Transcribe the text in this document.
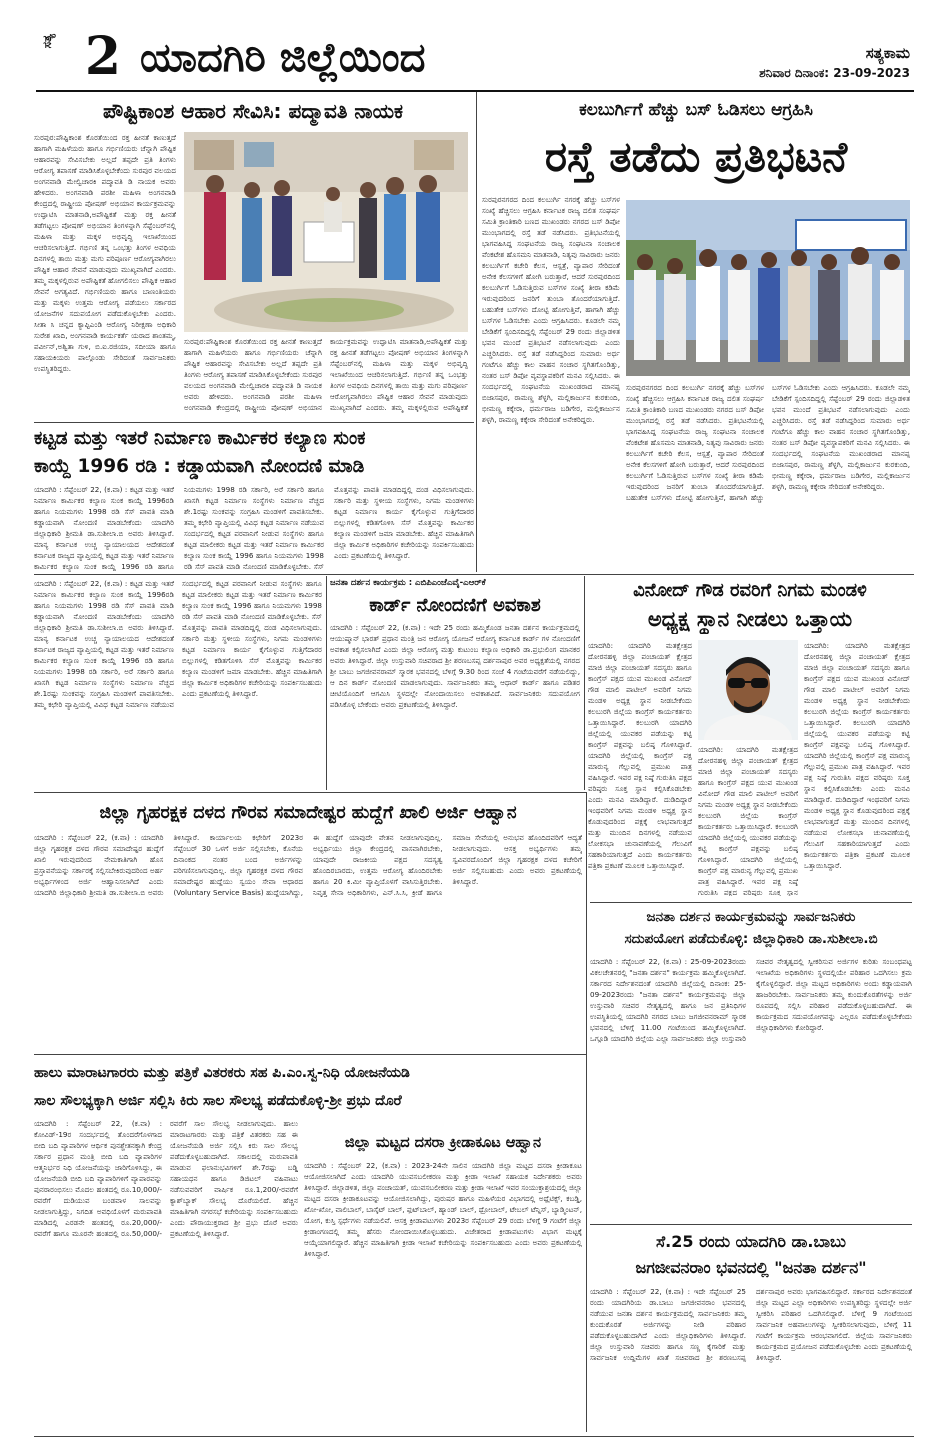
ಸತ್ಯ 2 ಯಾದಗಿರಿ ಜಿಲ್ಲೆಯಿಂದ	ಸತ್ಯಕಾಮ
ಶನಿವಾರ ದಿನಾಂಕ: 23-09-2023
ಪೌಷ್ಟಿಕಾಂಶ ಆಹಾರ ಸೇವಿಸಿ: ಪದ್ಮಾವತಿ ನಾಯಕ
ಸುರಪುರ:ಪೌಷ್ಟಿಕಾಂಶ ಕೊರತೆಯಿಂದ ರಕ್ತ ಹೀನತೆ ಕಾಣುತ್ತದೆ ಹಾಗಾಗಿ ಮಹಿಳೆಯರು ಹಾಗೂ ಗರ್ಭಿಣಿಯರು ಚೆನ್ನಾಗಿ ಪೌಷ್ಟಿಕ ಆಹಾರವನ್ನು ಸೇವಿಸಬೇಕು ಅಲ್ಲದೆ ತಪ್ಪದೇ ಪ್ರತಿ ತಿಂಗಳು ಆರೋಗ್ಯ ತಪಾಸಣೆ ಮಾಡಿಸಿಕೊಳ್ಳಬೇಕೆಂದು ಸುರಪುರ ವಲಯದ ಅಂಗನವಾಡಿ ಮೇಲ್ವಿಚಾರಕಿ ಪದ್ಮಾವತಿ ಡಿ ನಾಯಕ ಅವರು ಹೇಳಿದರು. ಅಂಗನವಾಡಿ ಪರಶೀ ಮಹಿಳಾ ಅಂಗನವಾಡಿ ಕೇಂದ್ರದಲ್ಲಿ ರಾಷ್ಟ್ರೀಯ ಪೋಷಣ್ ಅಭಿಯಾನ ಕಾರ್ಯಕ್ರಮವನ್ನು ಉದ್ಘಾಟಿಸಿ ಮಾತನಾಡಿ,ಅಪೌಷ್ಟಿಕತೆ ಮತ್ತು ರಕ್ತ ಹೀನತೆ ತಡೆಗಟ್ಟಲು ಪೋಷಣ್ ಅಭಿಯಾನ ತಿಂಗಳನ್ನಾಗಿ ಸೆಪ್ಟೆಂಬರ್‌ನಲ್ಲಿ ಮಹಿಳಾ ಮತ್ತು ಮಕ್ಕಳ ಅಭಿವೃದ್ಧಿ ಇಲಾಖೆಯಿಂದ ಆಚರಿಸಲಾಗುತ್ತಿದೆ. ಗರ್ಭಿಣಿ ತನ್ನ ಒಂಭತ್ತು ತಿಂಗಳ ಅವಧಿಯ ದಿನಗಳಲ್ಲಿ ತಾಯಿ ಮತ್ತು ಮಗು ಪರಿಪೂರ್ಣ ಆರೋಗ್ಯವಾಗಿರಲು ಪೌಷ್ಟಿಕ ಆಹಾರ ಸೇವನೆ ಮಾಡುವುದು ಮುಖ್ಯವಾಗಿದೆ ಎಂದರು. ತಮ್ಮ ಮಕ್ಕಳಲ್ಲಿರುವ ಅಪೌಷ್ಟಿಕತೆ ಹೋಗಲಿಸಲು ಪೌಷ್ಟಿಕ ಆಹಾರ ಸೇವನೆ ಅಗತ್ಯವಿದೆ. ಗರ್ಭಿಣಿಯರು ಹಾಗೂ ಬಾಣಂತಿಯರು ಮತ್ತು ಮಕ್ಕಳು ಉತ್ತಮ ಆರೋಗ್ಯ ಪಡೆಯಲು ಸರ್ಕಾರದ ಯೋಜನೆಗಳ ಸದುಪಯೋಗ ಪಡೆದುಕೊಳ್ಳಬೇಕು ಎಂದರು. ಸೀತಾ ಸಿ ಚನ್ನದ ಕ್ಯಾಪ್ಟಿಎಂಡಿ ಆರೋಗ್ಯ ನಿರೀಕ್ಷಣಾ ಅಧಿಕಾರಿ ಸುರೇಶ ಖಾದಿ, ಅಂಗನವಾಡಿ ಕಾರ್ಯಕರ್ತೆ ಯರಾದ ಶಾಂತಮ್ಮ, ಪರ್ವೀನ್,ಅಶ್ವಿತಾ ಗುಳಿ, ಬಿ.ಐ.ರಜಿಯಾ, ಸದೀಯಾ ಹಾಗೂ ಸಹಾಯಕಿಯರು ಪಾಲ್ಗೊಂಡು ಸೇರಿದಂತೆ ಸಾರ್ವಜನಿಕರು ಉಪಸ್ಥಿತರಿದ್ದರು.
ಸುರಪುರ:ಪೌಷ್ಟಿಕಾಂಶ ಕೊರತೆಯಿಂದ ರಕ್ತ ಹೀನತೆ ಕಾಣುತ್ತದೆ ಹಾಗಾಗಿ ಮಹಿಳೆಯರು ಹಾಗೂ ಗರ್ಭಿಣಿಯರು ಚೆನ್ನಾಗಿ ಪೌಷ್ಟಿಕ ಆಹಾರವನ್ನು ಸೇವಿಸಬೇಕು ಅಲ್ಲದೆ ತಪ್ಪದೇ ಪ್ರತಿ ತಿಂಗಳು ಆರೋಗ್ಯ ತಪಾಸಣೆ ಮಾಡಿಸಿಕೊಳ್ಳಬೇಕೆಂದು ಸುರಪುರ ವಲಯದ ಅಂಗನವಾಡಿ ಮೇಲ್ವಿಚಾರಕಿ ಪದ್ಮಾವತಿ ಡಿ ನಾಯಕ ಅವರು ಹೇಳಿದರು. ಅಂಗನವಾಡಿ ಪರಶೀ ಮಹಿಳಾ ಅಂಗನವಾಡಿ ಕೇಂದ್ರದಲ್ಲಿ ರಾಷ್ಟ್ರೀಯ ಪೋಷಣ್ ಅಭಿಯಾನ ಕಾರ್ಯಕ್ರಮವನ್ನು ಉದ್ಘಾಟಿಸಿ ಮಾತನಾಡಿ,ಅಪೌಷ್ಟಿಕತೆ ಮತ್ತು ರಕ್ತ ಹೀನತೆ ತಡೆಗಟ್ಟಲು ಪೋಷಣ್ ಅಭಿಯಾನ ತಿಂಗಳನ್ನಾಗಿ ಸೆಪ್ಟೆಂಬರ್‌ನಲ್ಲಿ ಮಹಿಳಾ ಮತ್ತು ಮಕ್ಕಳ ಅಭಿವೃದ್ಧಿ ಇಲಾಖೆಯಿಂದ ಆಚರಿಸಲಾಗುತ್ತಿದೆ. ಗರ್ಭಿಣಿ ತನ್ನ ಒಂಭತ್ತು ತಿಂಗಳ ಅವಧಿಯ ದಿನಗಳಲ್ಲಿ ತಾಯಿ ಮತ್ತು ಮಗು ಪರಿಪೂರ್ಣ ಆರೋಗ್ಯವಾಗಿರಲು ಪೌಷ್ಟಿಕ ಆಹಾರ ಸೇವನೆ ಮಾಡುವುದು ಮುಖ್ಯವಾಗಿದೆ ಎಂದರು. ತಮ್ಮ ಮಕ್ಕಳಲ್ಲಿರುವ ಅಪೌಷ್ಟಿಕತೆ
ಕಲಬುರ್ಗಿಗೆ ಹೆಚ್ಚು ಬಸ್ ಓಡಿಸಲು ಆಗ್ರಹಿಸಿ
ರಸ್ತೆ ತಡೆದು ಪ್ರತಿಭಟನೆ
ಸುರಪುರನಗರದ ದಿಂದ ಕಲಬುರ್ಗಿ ನಗರಕ್ಕೆ ಹೆಚ್ಚು ಬಸ್‌ಗಳ ಸಂಖ್ಯೆ ಹೆಚ್ಚಿಸಲು ಆಗ್ರಹಿಸಿ ಕರ್ನಾಟಕ ರಾಜ್ಯ ದಲಿತ ಸಂಘರ್ಷ ಸಮಿತಿ ಕ್ರಾಂತಿಕಾರಿ ಬಣದ ಮುಖಂಡರು ನಗರದ ಬಸ್ ಡಿಪೋ ಮುಂಭಾಗದಲ್ಲಿ ರಸ್ತೆ ತಡೆ ನಡೆಸಿದರು. ಪ್ರತಿಭಟನೆಯಲ್ಲಿ ಭಾಗವಹಿಸಿದ್ದ ಸಂಘಟನೆಯ ರಾಜ್ಯ ಸಂಘಟನಾ ಸಂಚಾಲಕ ವೆಂಕಟೇಶ ಹೊಸಮನಿ ಮಾತನಾಡಿ, ನಿತ್ಯವು ಸಾವಿರಾರು ಜನರು ಕಲಬುರ್ಗಿಗೆ ಕಚೇರಿ ಕೆಲಸ, ಆಸ್ಪತ್ರೆ, ವ್ಯಾಪಾರ ಸೇರಿದಂತೆ ಅನೇಕ ಕೆಲಸಗಳಿಗೆ ಹೋಗಿ ಬರುತ್ತಾರೆ, ಆದರೆ ಸುರಪುರದಿಂದ ಕಲಬುರ್ಗಿಗೆ ಓಡಿಸುತ್ತಿರುವ ಬಸ್‌ಗಳ ಸಂಖ್ಯೆ ತೀರಾ ಕಡಿಮೆ ಇರುವುದರಿಂದ ಜನರಿಗೆ ತುಂಬಾ ತೊಂದರೆಯಾಗುತ್ತಿದೆ. ಬಹುತೇಕ ಬಸ್‌ಗಳು ದೋಟ್ಟಿ ಹೋಗುತ್ತಿವೆ, ಹಾಗಾಗಿ ಹೆಚ್ಚು ಬಸ್‌ಗಳ ಓಡಿಸಬೇಕು ಎಂದು ಆಗ್ರಹಿಸಿದರು. ಕೂಡಲೇ ನಮ್ಮ ಬೇಡಿಕೆಗೆ ಸ್ಪಂದಿಸದಿದ್ದಲ್ಲಿ ಸೆಪ್ಟೆಂಬರ್ 29 ರಂದು ಜಿಲ್ಲಾಡಳಿತ ಭವನ ಮುಂದೆ ಪ್ರತಿಭಟನೆ ನಡೆಸಲಾಗುವುದು ಎಂದು ಎಚ್ಚರಿಸಿದರು. ರಸ್ತೆ ತಡೆ ನಡೆಸಿದ್ದರಿಂದ ಸುಮಾರು ಅರ್ಧ ಗಂಟೆಗೂ ಹೆಚ್ಚು ಕಾಲ ವಾಹನ ಸಂಚಾರ ಸ್ಥಗಿತಗೊಂಡಿತ್ತು, ನಂತರ ಬಸ್ ಡಿಪೋ ವ್ಯವಸ್ಥಾಪಕರಿಗೆ ಮನವಿ ಸಲ್ಲಿಸಿದರು. ಈ ಸಂದರ್ಭದಲ್ಲಿ ಸಂಘಟನೆಯ ಮುಖಂಡರಾದ ಮಾನಪ್ಪ ಬಿಜಾಸಪುರ, ರಾಮಣ್ಣ ಶೆಳ್ಳಗಿ, ಮಲ್ಲಿಕಾರ್ಜುನ ಕುರಕುಂದಿ, ಭೀಮಣ್ಣ ಕಕ್ಕೇರಾ, ಧರ್ಮರಾಜ ಬಡಿಗೇರ, ಮಲ್ಲಿಕಾರ್ಜುನ ಶಳ್ಳಗಿ, ರಾಮಣ್ಣ ಕಕ್ಕೇರಾ ಸೇರಿದಂತೆ ಅನೇಕರಿದ್ದರು.
ಸುರಪುರನಗರದ ದಿಂದ ಕಲಬುರ್ಗಿ ನಗರಕ್ಕೆ ಹೆಚ್ಚು ಬಸ್‌ಗಳ ಸಂಖ್ಯೆ ಹೆಚ್ಚಿಸಲು ಆಗ್ರಹಿಸಿ ಕರ್ನಾಟಕ ರಾಜ್ಯ ದಲಿತ ಸಂಘರ್ಷ ಸಮಿತಿ ಕ್ರಾಂತಿಕಾರಿ ಬಣದ ಮುಖಂಡರು ನಗರದ ಬಸ್ ಡಿಪೋ ಮುಂಭಾಗದಲ್ಲಿ ರಸ್ತೆ ತಡೆ ನಡೆಸಿದರು. ಪ್ರತಿಭಟನೆಯಲ್ಲಿ ಭಾಗವಹಿಸಿದ್ದ ಸಂಘಟನೆಯ ರಾಜ್ಯ ಸಂಘಟನಾ ಸಂಚಾಲಕ ವೆಂಕಟೇಶ ಹೊಸಮನಿ ಮಾತನಾಡಿ, ನಿತ್ಯವು ಸಾವಿರಾರು ಜನರು ಕಲಬುರ್ಗಿಗೆ ಕಚೇರಿ ಕೆಲಸ, ಆಸ್ಪತ್ರೆ, ವ್ಯಾಪಾರ ಸೇರಿದಂತೆ ಅನೇಕ ಕೆಲಸಗಳಿಗೆ ಹೋಗಿ ಬರುತ್ತಾರೆ, ಆದರೆ ಸುರಪುರದಿಂದ ಕಲಬುರ್ಗಿಗೆ ಓಡಿಸುತ್ತಿರುವ ಬಸ್‌ಗಳ ಸಂಖ್ಯೆ ತೀರಾ ಕಡಿಮೆ ಇರುವುದರಿಂದ ಜನರಿಗೆ ತುಂಬಾ ತೊಂದರೆಯಾಗುತ್ತಿದೆ. ಬಹುತೇಕ ಬಸ್‌ಗಳು ದೋಟ್ಟಿ ಹೋಗುತ್ತಿವೆ, ಹಾಗಾಗಿ ಹೆಚ್ಚು ಬಸ್‌ಗಳ ಓಡಿಸಬೇಕು ಎಂದು ಆಗ್ರಹಿಸಿದರು. ಕೂಡಲೇ ನಮ್ಮ ಬೇಡಿಕೆಗೆ ಸ್ಪಂದಿಸದಿದ್ದಲ್ಲಿ ಸೆಪ್ಟೆಂಬರ್ 29 ರಂದು ಜಿಲ್ಲಾಡಳಿತ ಭವನ ಮುಂದೆ ಪ್ರತಿಭಟನೆ ನಡೆಸಲಾಗುವುದು ಎಂದು ಎಚ್ಚರಿಸಿದರು. ರಸ್ತೆ ತಡೆ ನಡೆಸಿದ್ದರಿಂದ ಸುಮಾರು ಅರ್ಧ ಗಂಟೆಗೂ ಹೆಚ್ಚು ಕಾಲ ವಾಹನ ಸಂಚಾರ ಸ್ಥಗಿತಗೊಂಡಿತ್ತು, ನಂತರ ಬಸ್ ಡಿಪೋ ವ್ಯವಸ್ಥಾಪಕರಿಗೆ ಮನವಿ ಸಲ್ಲಿಸಿದರು. ಈ ಸಂದರ್ಭದಲ್ಲಿ ಸಂಘಟನೆಯ ಮುಖಂಡರಾದ ಮಾನಪ್ಪ ಬಿಜಾಸಪುರ, ರಾಮಣ್ಣ ಶೆಳ್ಳಗಿ, ಮಲ್ಲಿಕಾರ್ಜುನ ಕುರಕುಂದಿ, ಭೀಮಣ್ಣ ಕಕ್ಕೇರಾ, ಧರ್ಮರಾಜ ಬಡಿಗೇರ, ಮಲ್ಲಿಕಾರ್ಜುನ ಶಳ್ಳಗಿ, ರಾಮಣ್ಣ ಕಕ್ಕೇರಾ ಸೇರಿದಂತೆ ಅನೇಕರಿದ್ದರು.
ಕಟ್ಟಡ ಮತ್ತು ಇತರೆ ನಿರ್ಮಾಣ ಕಾರ್ಮಿಕರ ಕಲ್ಯಾಣ ಸುಂಕ
ಕಾಯ್ದೆ 1996 ರಡಿ : ಕಡ್ಡಾಯವಾಗಿ ನೋಂದಣಿ ಮಾಡಿ
ಯಾದಗಿರಿ : ಸೆಪ್ಟೆಂಬರ್ 22, (ಕ.ವಾ) : ಕಟ್ಟಡ ಮತ್ತು ಇತರೆ ನಿರ್ಮಾಣ ಕಾರ್ಮಿಕರ ಕಲ್ಯಾಣ ಸುಂಕ ಕಾಯ್ದೆ 1996ರಡಿ ಹಾಗೂ ನಿಯಮಗಳು 1998 ರಡಿ ಸೆಸ್ ಪಾವತಿ ಮಾಡಿ ಕಡ್ಡಾಯವಾಗಿ ನೋಂದಣಿ ಮಾಡಬೇಕೆಂದು ಯಾದಗಿರಿ ಜಿಲ್ಲಾಧಿಕಾರಿ ಶ್ರೀಮತಿ ಡಾ.ಸುಶೀಲಾ.ಬಿ ಅವರು ತಿಳಿಸಿದ್ದಾರೆ. ಮಾನ್ಯ ಕರ್ನಾಟಕ ಉಚ್ಚ ನ್ಯಾಯಾಲಯದ ಆದೇಶದಂತೆ ಕರ್ನಾಟಕ ರಾಜ್ಯದ ವ್ಯಾಪ್ತಿಯಲ್ಲಿ ಕಟ್ಟಡ ಮತ್ತು ಇತರೆ ನಿರ್ಮಾಣ ಕಾರ್ಮಿಕರ ಕಲ್ಯಾಣ ಸುಂಕ ಕಾಯ್ದೆ 1996 ರಡಿ ಹಾಗೂ ನಿಯಮಗಳು 1998 ರಡಿ ಸರ್ಕಾರಿ, ಅರೆ ಸರ್ಕಾರಿ ಹಾಗೂ ಖಾಸಗಿ ಕಟ್ಟಡ ನಿರ್ಮಾಣ ಸಂಸ್ಥೆಗಳು ನಿರ್ಮಾಣ ವೆಚ್ಚದ ಶೇ.1ರಷ್ಟು ಸುಂಕವನ್ನು ಸಂಗ್ರಹಿಸಿ ಮಂಡಳಿಗೆ ಪಾವತಿಸಬೇಕು. ತಮ್ಮ ಕಛೇರಿ ವ್ಯಾಪ್ತಿಯಲ್ಲಿ ವಿವಿಧ ಕಟ್ಟಡ ನಿರ್ಮಾಣ ನಡೆಯುವ ಸಂದರ್ಭದಲ್ಲಿ ಕಟ್ಟಡ ಪರವಾನಿಗೆ ನೀಡುವ ಸಂಸ್ಥೆಗಳು ಹಾಗೂ ಕಟ್ಟಡ ಮಾಲೀಕರು ಕಟ್ಟಡ ಮತ್ತು ಇತರೆ ನಿರ್ಮಾಣ ಕಾರ್ಮಿಕರ ಕಲ್ಯಾಣ ಸುಂಕ ಕಾಯ್ದೆ 1996 ಹಾಗೂ ನಿಯಮಗಳು 1998 ರಡಿ ಸೆಸ್ ಪಾವತಿ ಮಾಡಿ ನೋಂದಣಿ ಮಾಡಿಕೊಳ್ಳಬೇಕು. ಸೆಸ್ ಮೊತ್ತವನ್ನು ಪಾವತಿ ಮಾಡದಿದ್ದಲ್ಲಿ ದಂಡ ವಿಧಿಸಲಾಗುವುದು. ಸರ್ಕಾರಿ ಮತ್ತು ಸ್ಥಳೀಯ ಸಂಸ್ಥೆಗಳು, ನಿಗಮ ಮಂಡಳಿಗಳು ಕಟ್ಟಡ ನಿರ್ಮಾಣ ಕಾರ್ಯ ಕೈಗೊಳ್ಳುವ ಗುತ್ತಿಗೆದಾರರ ಬಿಲ್ಲುಗಳಲ್ಲಿ ಕಡಿತಗೊಳಿಸಿ ಸೆಸ್ ಮೊತ್ತವನ್ನು ಕಾರ್ಮಿಕರ ಕಲ್ಯಾಣ ಮಂಡಳಿಗೆ ಜಮಾ ಮಾಡಬೇಕು. ಹೆಚ್ಚಿನ ಮಾಹಿತಿಗಾಗಿ ಜಿಲ್ಲಾ ಕಾರ್ಮಿಕ ಅಧಿಕಾರಿಗಳ ಕಚೇರಿಯನ್ನು ಸಂಪರ್ಕಿಸಬಹುದು ಎಂದು ಪ್ರಕಟಣೆಯಲ್ಲಿ ತಿಳಿಸಿದ್ದಾರೆ.
ಯಾದಗಿರಿ : ಸೆಪ್ಟೆಂಬರ್ 22, (ಕ.ವಾ) : ಕಟ್ಟಡ ಮತ್ತು ಇತರೆ ನಿರ್ಮಾಣ ಕಾರ್ಮಿಕರ ಕಲ್ಯಾಣ ಸುಂಕ ಕಾಯ್ದೆ 1996ರಡಿ ಹಾಗೂ ನಿಯಮಗಳು 1998 ರಡಿ ಸೆಸ್ ಪಾವತಿ ಮಾಡಿ ಕಡ್ಡಾಯವಾಗಿ ನೋಂದಣಿ ಮಾಡಬೇಕೆಂದು ಯಾದಗಿರಿ ಜಿಲ್ಲಾಧಿಕಾರಿ ಶ್ರೀಮತಿ ಡಾ.ಸುಶೀಲಾ.ಬಿ ಅವರು ತಿಳಿಸಿದ್ದಾರೆ. ಮಾನ್ಯ ಕರ್ನಾಟಕ ಉಚ್ಚ ನ್ಯಾಯಾಲಯದ ಆದೇಶದಂತೆ ಕರ್ನಾಟಕ ರಾಜ್ಯದ ವ್ಯಾಪ್ತಿಯಲ್ಲಿ ಕಟ್ಟಡ ಮತ್ತು ಇತರೆ ನಿರ್ಮಾಣ ಕಾರ್ಮಿಕರ ಕಲ್ಯಾಣ ಸುಂಕ ಕಾಯ್ದೆ 1996 ರಡಿ ಹಾಗೂ ನಿಯಮಗಳು 1998 ರಡಿ ಸರ್ಕಾರಿ, ಅರೆ ಸರ್ಕಾರಿ ಹಾಗೂ ಖಾಸಗಿ ಕಟ್ಟಡ ನಿರ್ಮಾಣ ಸಂಸ್ಥೆಗಳು ನಿರ್ಮಾಣ ವೆಚ್ಚದ ಶೇ.1ರಷ್ಟು ಸುಂಕವನ್ನು ಸಂಗ್ರಹಿಸಿ ಮಂಡಳಿಗೆ ಪಾವತಿಸಬೇಕು. ತಮ್ಮ ಕಛೇರಿ ವ್ಯಾಪ್ತಿಯಲ್ಲಿ ವಿವಿಧ ಕಟ್ಟಡ ನಿರ್ಮಾಣ ನಡೆಯುವ ಸಂದರ್ಭದಲ್ಲಿ ಕಟ್ಟಡ ಪರವಾನಿಗೆ ನೀಡುವ ಸಂಸ್ಥೆಗಳು ಹಾಗೂ ಕಟ್ಟಡ ಮಾಲೀಕರು ಕಟ್ಟಡ ಮತ್ತು ಇತರೆ ನಿರ್ಮಾಣ ಕಾರ್ಮಿಕರ ಕಲ್ಯಾಣ ಸುಂಕ ಕಾಯ್ದೆ 1996 ಹಾಗೂ ನಿಯಮಗಳು 1998 ರಡಿ ಸೆಸ್ ಪಾವತಿ ಮಾಡಿ ನೋಂದಣಿ ಮಾಡಿಕೊಳ್ಳಬೇಕು. ಸೆಸ್ ಮೊತ್ತವನ್ನು ಪಾವತಿ ಮಾಡದಿದ್ದಲ್ಲಿ ದಂಡ ವಿಧಿಸಲಾಗುವುದು. ಸರ್ಕಾರಿ ಮತ್ತು ಸ್ಥಳೀಯ ಸಂಸ್ಥೆಗಳು, ನಿಗಮ ಮಂಡಳಿಗಳು ಕಟ್ಟಡ ನಿರ್ಮಾಣ ಕಾರ್ಯ ಕೈಗೊಳ್ಳುವ ಗುತ್ತಿಗೆದಾರರ ಬಿಲ್ಲುಗಳಲ್ಲಿ ಕಡಿತಗೊಳಿಸಿ ಸೆಸ್ ಮೊತ್ತವನ್ನು ಕಾರ್ಮಿಕರ ಕಲ್ಯಾಣ ಮಂಡಳಿಗೆ ಜಮಾ ಮಾಡಬೇಕು. ಹೆಚ್ಚಿನ ಮಾಹಿತಿಗಾಗಿ ಜಿಲ್ಲಾ ಕಾರ್ಮಿಕ ಅಧಿಕಾರಿಗಳ ಕಚೇರಿಯನ್ನು ಸಂಪರ್ಕಿಸಬಹುದು ಎಂದು ಪ್ರಕಟಣೆಯಲ್ಲಿ ತಿಳಿಸಿದ್ದಾರೆ.
ಜನತಾ ದರ್ಶನ ಕಾರ್ಯಕ್ರಮ : ಎಬಿಪಿಎಂಜೆಎವೈ-ಎಆರ್‌ಕೆ
ಕಾರ್ಡ್ ನೋಂದಣಿಗೆ ಅವಕಾಶ
ಯಾದಗಿರಿ : ಸೆಪ್ಟೆಂಬರ್ 22, (ಕ.ವಾ) : ಇದೇ 25 ರಂದು ಹಮ್ಮಿಕೊಂಡ ಜನತಾ ದರ್ಶನ ಕಾರ್ಯಕ್ರಮದಲ್ಲಿ ಆಯುಷ್ಮಾನ್ ಭಾರತ್ ಪ್ರಧಾನ ಮಂತ್ರಿ ಜನ ಆರೋಗ್ಯ ಯೋಜನೆ ಆರೋಗ್ಯ ಕರ್ನಾಟಕ ಕಾರ್ಡ್ ಗಳ ನೋಂದಣಿಗೆ ಅವಕಾಶ ಕಲ್ಪಿಸಲಾಗಿದೆ ಎಂದು ಜಿಲ್ಲಾ ಆರೋಗ್ಯ ಮತ್ತು ಕುಟುಂಬ ಕಲ್ಯಾಣ ಅಧಿಕಾರಿ ಡಾ.ಪ್ರಭುಲಿಂಗ ಮಾನಕರ ಅವರು ತಿಳಿಸಿದ್ದಾರೆ. ಜಿಲ್ಲಾ ಉಸ್ತುವಾರಿ ಸಚಿವರಾದ ಶ್ರೀ ಶರಣಬಸಪ್ಪ ದರ್ಶನಾಪುರ ಅವರ ಅಧ್ಯಕ್ಷತೆಯಲ್ಲಿ ನಗರದ ಶ್ರೀ ಬಾಬು ಜಗಜೀವನರಾಮ್ ಸ್ಮಾರಕ ಭವನದಲ್ಲಿ ಬೆಳಿಗ್ಗೆ 9.30 ರಿಂದ ಸಂಜೆ 4 ಗಂಟೆಯವರೆಗೆ ನಡೆಯಲಿದ್ದು, ಆ ದಿನ ಕಾರ್ಡ್ ನೋಂದಣಿ ಮಾಡಲಾಗುವುದು. ಸಾರ್ವಜನಿಕರು ತಮ್ಮ ಆಧಾರ್ ಕಾರ್ಡ್ ಹಾಗೂ ಪಡಿತರ ಚೀಟಿಯೊಂದಿಗೆ ಆಗಮಿಸಿ ಸ್ಥಳದಲ್ಲೇ ನೋಂದಾಯಿಸಲು ಅವಕಾಶವಿದೆ. ಸಾರ್ವಜನಿಕರು ಸದುಪಯೋಗ ಪಡಿಸಿಕೊಳ್ಳ ಬೇಕೆಂದು ಅವರು ಪ್ರಕಟಣೆಯಲ್ಲಿ ತಿಳಿಸಿದ್ದಾರೆ.
ವಿನೋದ್ ಗೌಡ ರವರಿಗೆ ನಿಗಮ ಮಂಡಳಿ
ಅಧ್ಯಕ್ಷ ಸ್ಥಾನ ನೀಡಲು ಒತ್ತಾಯ
ಯಾದಗಿರಿ: ಯಾದಗಿರಿ ಮತಕ್ಷೇತ್ರದ ದೋರನಹಳ್ಳಿ ಜಿಲ್ಲಾ ಪಂಚಾಯತ್ ಕ್ಷೇತ್ರದ ಮಾಜಿ ಜಿಲ್ಲಾ ಪಂಚಾಯತ್ ಸದಸ್ಯರು ಹಾಗೂ ಕಾಂಗ್ರೆಸ್ ಪಕ್ಷದ ಯುವ ಮುಖಂಡ ವಿನೋದ್ ಗೌಡ ಮಾಲಿ ಪಾಟೀಲ್ ಅವರಿಗೆ ನಿಗಮ ಮಂಡಳಿ ಅಧ್ಯಕ್ಷ ಸ್ಥಾನ ನೀಡಬೇಕೆಂದು ಕಲಬುರಗಿ ಜಿಲ್ಲೆಯ ಕಾಂಗ್ರೆಸ್ ಕಾರ್ಯಕರ್ತರು ಒತ್ತಾಯಿಸಿದ್ದಾರೆ. ಕಲಬುರಗಿ ಯಾದಗಿರಿ ಜಿಲ್ಲೆಯಲ್ಲಿ ಯುವಕರ ಪಡೆಯನ್ನು ಕಟ್ಟಿ ಕಾಂಗ್ರೆಸ್ ಪಕ್ಷವನ್ನು ಬಲಿಷ್ಠ ಗೊಳಿಸಿದ್ದಾರೆ. ಯಾದಗಿರಿ ಜಿಲ್ಲೆಯಲ್ಲಿ ಕಾಂಗ್ರೆಸ್ ಪಕ್ಷ ಮಾರುನ್ಯ ಗೆಲ್ಲುವಲ್ಲಿ ಪ್ರಮುಖ ಪಾತ್ರ ವಹಿಸಿದ್ದಾರೆ. ಇವರ ಪಕ್ಷ ನಿಷ್ಠೆ ಗುರುತಿಸಿ ಪಕ್ಷದ ವರಿಷ್ಠರು ಸೂಕ್ತ ಸ್ಥಾನ ಕಲ್ಪಿಸಿಕೊಡಬೇಕು ಎಂದು ಮನವಿ ಮಾಡಿದ್ದಾರೆ. ದುಡಿದಿದ್ದಾರೆ ಇಂಥವರಿಗೆ ನಿಗಮ ಮಂಡಳಿ ಅಧ್ಯಕ್ಷ ಸ್ಥಾನ ಕೊಡುವುದರಿಂದ ಪಕ್ಷಕ್ಕೆ ಲಾಭವಾಗುತ್ತದೆ ಮತ್ತು ಮುಂದಿನ ದಿನಗಳಲ್ಲಿ ನಡೆಯುವ ಲೋಕಸಭಾ ಚುನಾವಣೆಯಲ್ಲಿ ಗೆಲುವಿಗೆ ಸಹಕಾರಿಯಾಗುತ್ತದೆ ಎಂದು ಕಾರ್ಯಕರ್ತರು ಪತ್ರಿಕಾ ಪ್ರಕಟಣೆ ಮೂಲಕ ಒತ್ತಾಯಿಸಿದ್ದಾರೆ.
ಯಾದಗಿರಿ: ಯಾದಗಿರಿ ಮತಕ್ಷೇತ್ರದ ದೋರನಹಳ್ಳಿ ಜಿಲ್ಲಾ ಪಂಚಾಯತ್ ಕ್ಷೇತ್ರದ ಮಾಜಿ ಜಿಲ್ಲಾ ಪಂಚಾಯತ್ ಸದಸ್ಯರು ಹಾಗೂ ಕಾಂಗ್ರೆಸ್ ಪಕ್ಷದ ಯುವ ಮುಖಂಡ ವಿನೋದ್ ಗೌಡ ಮಾಲಿ ಪಾಟೀಲ್ ಅವರಿಗೆ ನಿಗಮ ಮಂಡಳಿ ಅಧ್ಯಕ್ಷ ಸ್ಥಾನ ನೀಡಬೇಕೆಂದು ಕಲಬುರಗಿ ಜಿಲ್ಲೆಯ ಕಾಂಗ್ರೆಸ್ ಕಾರ್ಯಕರ್ತರು ಒತ್ತಾಯಿಸಿದ್ದಾರೆ. ಕಲಬುರಗಿ ಯಾದಗಿರಿ ಜಿಲ್ಲೆಯಲ್ಲಿ ಯುವಕರ ಪಡೆಯನ್ನು ಕಟ್ಟಿ ಕಾಂಗ್ರೆಸ್ ಪಕ್ಷವನ್ನು ಬಲಿಷ್ಠ ಗೊಳಿಸಿದ್ದಾರೆ. ಯಾದಗಿರಿ ಜಿಲ್ಲೆಯಲ್ಲಿ ಕಾಂಗ್ರೆಸ್ ಪಕ್ಷ ಮಾರುನ್ಯ ಗೆಲ್ಲುವಲ್ಲಿ ಪ್ರಮುಖ ಪಾತ್ರ ವಹಿಸಿದ್ದಾರೆ. ಇವರ ಪಕ್ಷ ನಿಷ್ಠೆ ಗುರುತಿಸಿ ಪಕ್ಷದ ವರಿಷ್ಠರು ಸೂಕ್ತ ಸ್ಥಾನ ಕಲ್ಪಿಸಿಕೊಡಬೇಕು ಎಂದು ಮನವಿ ಮಾಡಿದ್ದಾರೆ. ದುಡಿದಿದ್ದಾರೆ ಇಂಥವರಿಗೆ ನಿಗಮ ಮಂಡಳಿ ಅಧ್ಯಕ್ಷ ಸ್ಥಾನ ಕೊಡುವುದರಿಂದ ಪಕ್ಷಕ್ಕೆ ಲಾಭವಾಗುತ್ತದೆ ಮತ್ತು ಮುಂದಿನ ದಿನಗಳಲ್ಲಿ ನಡೆಯುವ ಲೋಕಸಭಾ ಚುನಾವಣೆಯಲ್ಲಿ ಗೆಲುವಿಗೆ ಸಹಕಾರಿಯಾಗುತ್ತದೆ ಎಂದು ಕಾರ್ಯಕರ್ತರು ಪತ್ರಿಕಾ ಪ್ರಕಟಣೆ ಮೂಲಕ ಒತ್ತಾಯಿಸಿದ್ದಾರೆ.
ಯಾದಗಿರಿ: ಯಾದಗಿರಿ ಮತಕ್ಷೇತ್ರದ ದೋರನಹಳ್ಳಿ ಜಿಲ್ಲಾ ಪಂಚಾಯತ್ ಕ್ಷೇತ್ರದ ಮಾಜಿ ಜಿಲ್ಲಾ ಪಂಚಾಯತ್ ಸದಸ್ಯರು ಹಾಗೂ ಕಾಂಗ್ರೆಸ್ ಪಕ್ಷದ ಯುವ ಮುಖಂಡ ವಿನೋದ್ ಗೌಡ ಮಾಲಿ ಪಾಟೀಲ್ ಅವರಿಗೆ ನಿಗಮ ಮಂಡಳಿ ಅಧ್ಯಕ್ಷ ಸ್ಥಾನ ನೀಡಬೇಕೆಂದು ಕಲಬುರಗಿ ಜಿಲ್ಲೆಯ ಕಾಂಗ್ರೆಸ್ ಕಾರ್ಯಕರ್ತರು ಒತ್ತಾಯಿಸಿದ್ದಾರೆ. ಕಲಬುರಗಿ ಯಾದಗಿರಿ ಜಿಲ್ಲೆಯಲ್ಲಿ ಯುವಕರ ಪಡೆಯನ್ನು ಕಟ್ಟಿ ಕಾಂಗ್ರೆಸ್ ಪಕ್ಷವನ್ನು ಬಲಿಷ್ಠ ಗೊಳಿಸಿದ್ದಾರೆ. ಯಾದಗಿರಿ ಜಿಲ್ಲೆಯಲ್ಲಿ ಕಾಂಗ್ರೆಸ್ ಪಕ್ಷ ಮಾರುನ್ಯ ಗೆಲ್ಲುವಲ್ಲಿ ಪ್ರಮುಖ ಪಾತ್ರ ವಹಿಸಿದ್ದಾರೆ. ಇವರ ಪಕ್ಷ ನಿಷ್ಠೆ ಗುರುತಿಸಿ ಪಕ್ಷದ ವರಿಷ್ಠರು ಸೂಕ್ತ ಸ್ಥಾನ
ಜಿಲ್ಲಾ ಗೃಹರಕ್ಷಕ ದಳದ ಗೌರವ ಸಮಾದೇಷ್ಟರ ಹುದ್ದೆಗೆ ಖಾಲಿ ಅರ್ಜಿ ಆಹ್ವಾನ
ಯಾದಗಿರಿ : ಸೆಪ್ಟೆಂಬರ್ 22, (ಕ.ವಾ) : ಯಾದಗಿರಿ ಜಿಲ್ಲಾ ಗೃಹರಕ್ಷಕ ದಳದ ಗೌರವ ಸಮಾದೇಷ್ಟರ ಹುದ್ದೆಗೆ ಖಾಲಿ ಇರುವುದರಿಂದ ನೇಮಕಾತಿಗಾಗಿ ಹೊಸ ಪ್ರಸ್ತಾವನೆಯನ್ನು ಸರ್ಕಾರಕ್ಕೆ ಸಲ್ಲಿಸಬೇಕಿರುವುದರಿಂದ ಅರ್ಹ ಅಭ್ಯರ್ಥಿಗಳಿಂದ ಅರ್ಜಿ ಆಹ್ವಾನಿಸಲಾಗಿದೆ ಎಂದು ಯಾದಗಿರಿ ಜಿಲ್ಲಾಧಿಕಾರಿ ಶ್ರೀಮತಿ ಡಾ.ಸುಶೀಲಾ.ಬಿ ಅವರು ತಿಳಿಸಿದ್ದಾರೆ. ಕಾರ್ಯಾಲಯ ಕಛೇರಿಗೆ 2023ರ ಸೆಪ್ಟೆಂಬರ್ 30 ಒಳಗೆ ಅರ್ಜಿ ಸಲ್ಲಿಸಬೇಕು, ಕೊನೆಯ ದಿನಾಂಕದ ನಂತರ ಬಂದ ಅರ್ಜಿಗಳನ್ನು ಪರಿಗಣಿಸಲಾಗುವುದಿಲ್ಲ. ಜಿಲ್ಲಾ ಗೃಹರಕ್ಷಕ ದಳದ ಗೌರವ ಸಮಾದೇಷ್ಟರ ಹುದ್ದೆಯು ಸ್ವಯಂ ಸೇವಾ ಆಧಾರದ (Voluntary Service Basis) ಹುದ್ದೆಯಾಗಿದ್ದು, ಈ ಹುದ್ದೆಗೆ ಯಾವುದೇ ವೇತನ ನೀಡಲಾಗುವುದಿಲ್ಲ. ಅಭ್ಯರ್ಥಿಯು ಜಿಲ್ಲಾ ಕೇಂದ್ರದಲ್ಲಿ ವಾಸವಾಗಿರಬೇಕು, ಯಾವುದೇ ರಾಜಕೀಯ ಪಕ್ಷದ ಸದಸ್ಯತ್ವ ಹೊಂದಿರಬಾರದು, ಉತ್ತಮ ಆರೋಗ್ಯ ಹೊಂದಿರಬೇಕು ಹಾಗೂ 20 ಕಿ.ಮೀ ವ್ಯಾಪ್ತಿಯೊಳಗೆ ವಾಸಿಸುತ್ತಿರಬೇಕು. ನಿವೃತ್ತ ಸೇನಾ ಅಧಿಕಾರಿಗಳು, ಎನ್.ಸಿ.ಸಿ, ಕ್ರೀಡೆ ಹಾಗೂ ಸಮಾಜ ಸೇವೆಯಲ್ಲಿ ಅನುಭವ ಹೊಂದಿದವರಿಗೆ ಆದ್ಯತೆ ನೀಡಲಾಗುವುದು. ಆಸಕ್ತ ಅಭ್ಯರ್ಥಿಗಳು ತಮ್ಮ ಸ್ವವಿವರದೊಂದಿಗೆ ಜಿಲ್ಲಾ ಗೃಹರಕ್ಷಕ ದಳದ ಕಚೇರಿಗೆ ಅರ್ಜಿ ಸಲ್ಲಿಸಬಹುದು ಎಂದು ಅವರು ಪ್ರಕಟಣೆಯಲ್ಲಿ ತಿಳಿಸಿದ್ದಾರೆ.
ಜನತಾ ದರ್ಶನ ಕಾರ್ಯಕ್ರಮವನ್ನು ಸಾರ್ವಜನಿಕರು
ಸದುಪಯೋಗ ಪಡೆದುಕೊಳ್ಳಿ: ಜಿಲ್ಲಾಧಿಕಾರಿ ಡಾ.ಸುಶೀಲಾ.ಬಿ
ಯಾದಗಿರಿ : ಸೆಪ್ಟೆಂಬರ್ 22, (ಕ.ವಾ) : 25-09-2023ರಂದು ವಿಕಲಚೇತನರಲ್ಲಿ "ಜನತಾ ದರ್ಶನ" ಕಾರ್ಯಕ್ರಮ ಹಮ್ಮಿಕೊಳ್ಳಲಾಗಿದೆ. ಸರ್ಕಾರದ ನಿರ್ದೇಶನದಂತೆ ಯಾದಗಿರಿ ಜಿಲ್ಲೆಯಲ್ಲಿ ದಿನಾಂಕ: 25-09-2023ರಂದು "ಜನತಾ ದರ್ಶನ" ಕಾರ್ಯಕ್ರಮವನ್ನು ಜಿಲ್ಲಾ ಉಸ್ತುವಾರಿ ಸಚಿವರ ನೇತೃತ್ವದಲ್ಲಿ ಹಾಗೂ ಜನ ಪ್ರತಿನಿಧಿಗಳ ಉಪಸ್ಥಿತಿಯಲ್ಲಿ ಯಾದಗಿರಿ ನಗರದ ಬಾಬು ಜಗಜೀವನರಾಮ್ ಸ್ಮಾರಕ ಭವನದಲ್ಲಿ ಬೆಳಿಗ್ಗೆ 11.00 ಗಂಟೆಯಿಂದ ಹಮ್ಮಿಕೊಳ್ಳಲಾಗಿದೆ. ಒಗ್ಗೂಡಿ ಯಾದಗಿರಿ ಜಿಲ್ಲೆಯ ಎಲ್ಲಾ ಸಾರ್ವಜನಿಕರು ಜಿಲ್ಲಾ ಉಸ್ತುವಾರಿ ಸಚಿವರ ನೇತೃತ್ವದಲ್ಲಿ ಸ್ವೀಕರಿಸುವ ಅರ್ಜಿಗಳ ಕುರಿತು ಸಂಬಂಧಪಟ್ಟ ಇಲಾಖೆಯ ಅಧಿಕಾರಿಗಳು ಸ್ಥಳದಲ್ಲಿಯೇ ಪರಿಹಾರ ಒದಗಿಸಲು ಕ್ರಮ ಕೈಗೊಳ್ಳಲಿದ್ದಾರೆ. ಜಿಲ್ಲಾ ಮಟ್ಟದ ಅಧಿಕಾರಿಗಳು ಅಂದು ಕಡ್ಡಾಯವಾಗಿ ಹಾಜರಿರಬೇಕು. ಸಾರ್ವಜನಿಕರು ತಮ್ಮ ಕುಂದುಕೊರತೆಗಳನ್ನು ಅರ್ಜಿ ರೂಪದಲ್ಲಿ ಸಲ್ಲಿಸಿ ಪರಿಹಾರ ಪಡೆದುಕೊಳ್ಳಬಹುದಾಗಿದೆ. ಈ ಕಾರ್ಯಕ್ರಮದ ಸದುಪಯೋಗವನ್ನು ಎಲ್ಲರೂ ಪಡೆದುಕೊಳ್ಳಬೇಕೆಂದು ಜಿಲ್ಲಾಧಿಕಾರಿಗಳು ಕೋರಿದ್ದಾರೆ.
ಸೆ.25 ರಂದು ಯಾದಗಿರಿ ಡಾ.ಬಾಬು
ಜಗಜೀವನರಾಂ ಭವನದಲ್ಲಿ "ಜನತಾ ದರ್ಶನ"
ಯಾದಗಿರಿ : ಸೆಪ್ಟೆಂಬರ್ 22, (ಕ.ವಾ) : ಇದೇ ಸೆಪ್ಟೆಂಬರ್ 25 ರಂದು ಯಾದಗಿರಿಯ ಡಾ.ಬಾಬು ಜಗಜೀವನರಾಂ ಭವನದಲ್ಲಿ ನಡೆಯುವ ಜನತಾ ದರ್ಶನ ಕಾರ್ಯಕ್ರಮದಲ್ಲಿ ಸಾರ್ವಜನಿಕರು ತಮ್ಮ ಕುಂದುಕೊರತೆ ಅರ್ಜಿಗಳನ್ನು ನೀಡಿ ಪರಿಹಾರ ಪಡೆದುಕೊಳ್ಳಬಹುದಾಗಿದೆ ಎಂದು ಜಿಲ್ಲಾಧಿಕಾರಿಗಳು ತಿಳಿಸಿದ್ದಾರೆ. ಜಿಲ್ಲಾ ಉಸ್ತುವಾರಿ ಸಚಿವರು ಹಾಗೂ ಸಣ್ಣ ಕೈಗಾರಿಕೆ ಮತ್ತು ಸಾರ್ವಜನಿಕ ಉದ್ದಿಮೆಗಳ ಖಾತೆ ಸಚಿವರಾದ ಶ್ರೀ ಶರಣಬಸಪ್ಪ ದರ್ಶನಾಪುರ ಅವರು ಭಾಗವಹಿಸಲಿದ್ದಾರೆ. ಸರ್ಕಾರದ ನಿರ್ದೇಶನದಂತೆ ಜಿಲ್ಲಾ ಮಟ್ಟದ ಎಲ್ಲಾ ಅಧಿಕಾರಿಗಳು ಉಪಸ್ಥಿತರಿದ್ದು ಸ್ಥಳದಲ್ಲೇ ಅರ್ಜಿ ಸ್ವೀಕರಿಸಿ ಪರಿಹಾರ ಒದಗಿಸಲಿದ್ದಾರೆ. ಬೆಳಿಗ್ಗೆ 9 ಗಂಟೆಯಿಂದ ಸಾರ್ವಜನಿಕ ಅಹವಾಲುಗಳನ್ನು ಸ್ವೀಕರಿಸಲಾಗುವುದು, ಬೆಳಿಗ್ಗೆ 11 ಗಂಟೆಗೆ ಕಾರ್ಯಕ್ರಮ ಆರಂಭವಾಗಲಿದೆ. ಜಿಲ್ಲೆಯ ಸಾರ್ವಜನಿಕರು ಕಾರ್ಯಕ್ರಮದ ಪ್ರಯೋಜನ ಪಡೆದುಕೊಳ್ಳಬೇಕು ಎಂದು ಪ್ರಕಟಣೆಯಲ್ಲಿ ತಿಳಿಸಿದ್ದಾರೆ.
ಹಾಲು ಮಾರಾಟಗಾರರು ಮತ್ತು ಪತ್ರಿಕೆ ವಿತರಕರು ಸಹ ಪಿ.ಎಂ.ಸ್ವ-ನಿಧಿ ಯೋಜನೆಯಡಿ
ಸಾಲ ಸೌಲಭ್ಯಕ್ಕಾಗಿ ಅರ್ಜಿ ಸಲ್ಲಿಸಿ ಕಿರು ಸಾಲ ಸೌಲಭ್ಯ ಪಡೆದುಕೊಳ್ಳಿ-ಶ್ರೀ ಪ್ರಭು ದೊರೆ
ಯಾದಗಿರಿ : ಸೆಪ್ಟೆಂಬರ್ 22, (ಕ.ವಾ) : ಕೋವಿಡ್-19ರ ಸಂದರ್ಭದಲ್ಲಿ ತೊಂದರೆಗೊಳಗಾದ ಬೀದಿ ಬದಿ ವ್ಯಾಪಾರಿಗಳ ಆರ್ಥಿಕ ಪುನಶ್ಚೇತನಕ್ಕಾಗಿ ಕೇಂದ್ರ ಸರ್ಕಾರ ಪ್ರಧಾನ ಮಂತ್ರಿ ಬೀದಿ ಬದಿ ವ್ಯಾಪಾರಿಗಳ ಆತ್ಮನಿರ್ಭರ ನಿಧಿ ಯೋಜನೆಯನ್ನು ಜಾರಿಗೊಳಿಸಿದ್ದು, ಈ ಯೋಜನೆಯಡಿ ಬೀದಿ ಬದಿ ವ್ಯಾಪಾರಿಗಳಿಗೆ ವ್ಯಾಪಾರವನ್ನು ಪುನರಾರಂಭಿಸಲು ಮೊದಲ ಹಂತದಲ್ಲಿ ರೂ.10,000/-ರವರೆಗೆ ದುಡಿಯುವ ಬಂಡವಾಳ ಸಾಲವನ್ನು ನೀಡಲಾಗುತ್ತಿದ್ದು, ನಿಗದಿತ ಅವಧಿಯೊಳಗೆ ಮರುಪಾವತಿ ಮಾಡಿದಲ್ಲಿ ಎರಡನೇ ಹಂತದಲ್ಲಿ ರೂ.20,000/-ರವರೆಗೆ ಹಾಗೂ ಮೂರನೇ ಹಂತದಲ್ಲಿ ರೂ.50,000/-ರವರೆಗೆ ಸಾಲ ಸೌಲಭ್ಯ ನೀಡಲಾಗುವುದು. ಹಾಲು ಮಾರಾಟಗಾರರು ಮತ್ತು ಪತ್ರಿಕೆ ವಿತರಕರು ಸಹ ಈ ಯೋಜನೆಯಡಿ ಅರ್ಜಿ ಸಲ್ಲಿಸಿ ಕಿರು ಸಾಲ ಸೌಲಭ್ಯ ಪಡೆದುಕೊಳ್ಳಬಹುದಾಗಿದೆ. ಸಕಾಲದಲ್ಲಿ ಮರುಪಾವತಿ ಮಾಡುವ ಫಲಾನುಭವಿಗಳಿಗೆ ಶೇ.7ರಷ್ಟು ಬಡ್ಡಿ ಸಹಾಯಧನ ಹಾಗೂ ಡಿಜಿಟಲ್ ವಹಿವಾಟು ನಡೆಸುವವರಿಗೆ ವಾರ್ಷಿಕ ರೂ.1,200/-ರವರೆಗೆ ಕ್ಯಾಶ್‌ಬ್ಯಾಕ್ ಸೌಲಭ್ಯ ದೊರೆಯಲಿದೆ. ಹೆಚ್ಚಿನ ಮಾಹಿತಿಗಾಗಿ ನಗರಸಭೆ ಕಚೇರಿಯನ್ನು ಸಂಪರ್ಕಿಸಬಹುದು ಎಂದು ಪೌರಾಯುಕ್ತರಾದ ಶ್ರೀ ಪ್ರಭು ದೊರೆ ಅವರು ಪ್ರಕಟಣೆಯಲ್ಲಿ ತಿಳಿಸಿದ್ದಾರೆ.
ಜಿಲ್ಲಾ ಮಟ್ಟದ ದಸರಾ ಕ್ರೀಡಾಕೂಟ ಆಹ್ವಾನ
ಯಾದಗಿರಿ : ಸೆಪ್ಟೆಂಬರ್ 22, (ಕ.ವಾ) : 2023-24ನೇ ಸಾಲಿನ ಯಾದಗಿರಿ ಜಿಲ್ಲಾ ಮಟ್ಟದ ದಸರಾ ಕ್ರೀಡಾಕೂಟ ಆಯೋಜಿಸಲಾಗಿದೆ ಎಂದು ಯಾದಗಿರಿ ಯುವಸಬಲೀಕರಣ ಮತ್ತು ಕ್ರೀಡಾ ಇಲಾಖೆ ಸಹಾಯಕ ನಿರ್ದೇಶಕರು ಅವರು ತಿಳಿಸಿದ್ದಾರೆ. ಜಿಲ್ಲಾಡಳಿತ, ಜಿಲ್ಲಾ ಪಂಚಾಯತ್, ಯುವಸಬಲೀಕರಣ ಮತ್ತು ಕ್ರೀಡಾ ಇಲಾಖೆ ಇವರ ಸಂಯುಕ್ತಾಶ್ರಯದಲ್ಲಿ ಜಿಲ್ಲಾ ಮಟ್ಟದ ದಸರಾ ಕ್ರೀಡಾಕೂಟವನ್ನು ಆಯೋಜಿಸಲಾಗಿದ್ದು, ಪುರುಷರ ಹಾಗೂ ಮಹಿಳೆಯರ ವಿಭಾಗದಲ್ಲಿ ಅಥ್ಲೆಟಿಕ್ಸ್, ಕಬಡ್ಡಿ, ಖೋ-ಖೋ, ವಾಲಿಬಾಲ್, ಬಾಸ್ಕೆಟ್ ಬಾಲ್, ಫುಟ್‌ಬಾಲ್, ಹ್ಯಾಂಡ್ ಬಾಲ್, ಥ್ರೋಬಾಲ್, ಟೇಬಲ್ ಟೆನ್ನಿಸ್, ಬ್ಯಾಡ್ಮಿಂಟನ್, ಯೋಗ, ಕುಸ್ತಿ ಸ್ಪರ್ಧೆಗಳು ನಡೆಯಲಿವೆ. ಆಸಕ್ತ ಕ್ರೀಡಾಪಟುಗಳು 2023ರ ಸೆಪ್ಟೆಂಬರ್ 29 ರಂದು ಬೆಳಿಗ್ಗೆ 9 ಗಂಟೆಗೆ ಜಿಲ್ಲಾ ಕ್ರೀಡಾಂಗಣದಲ್ಲಿ ತಮ್ಮ ಹೆಸರು ನೋಂದಾಯಿಸಿಕೊಳ್ಳಬಹುದು. ವಿಜೇತರಾದ ಕ್ರೀಡಾಪಟುಗಳು ವಿಭಾಗ ಮಟ್ಟಕ್ಕೆ ಆಯ್ಕೆಯಾಗಲಿದ್ದಾರೆ. ಹೆಚ್ಚಿನ ಮಾಹಿತಿಗಾಗಿ ಕ್ರೀಡಾ ಇಲಾಖೆ ಕಚೇರಿಯನ್ನು ಸಂಪರ್ಕಿಸಬಹುದು ಎಂದು ಅವರು ಪ್ರಕಟಣೆಯಲ್ಲಿ ತಿಳಿಸಿದ್ದಾರೆ.
